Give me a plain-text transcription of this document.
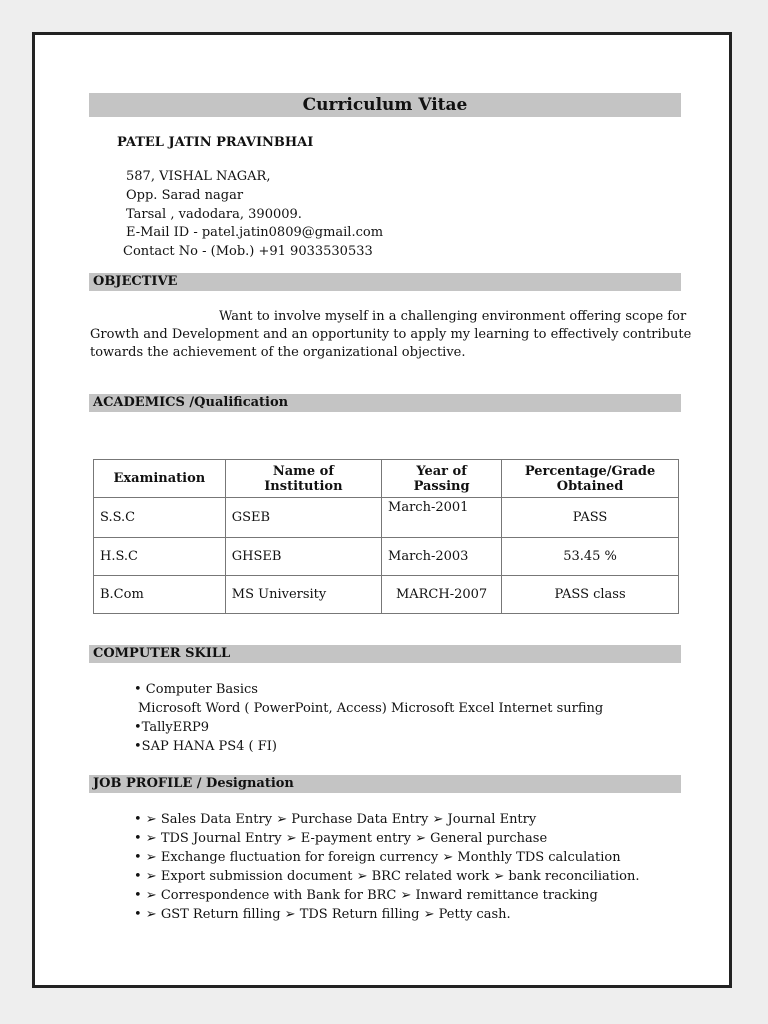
Curriculum Vitae
PATEL JATIN PRAVINBHAI
587, VISHAL NAGAR,
Opp. Sarad nagar
Tarsal , vadodara, 390009.
E-Mail ID - patel.jatin0809@gmail.com
Contact No - (Mob.) +91 9033530533
OBJECTIVE
Want to involve myself in a challenging environment offering scope for
Growth and Development and an opportunity to apply my learning to effectively contribute
towards the achievement of the organizational objective.
ACADEMICS /Qualification
Examination	Name of Institution	Year of Passing	Percentage/Grade Obtained
S.S.C	GSEB	March-2001	PASS
H.S.C	GHSEB	March-2003	53.45 %
B.Com	MS University	MARCH-2007	PASS class
COMPUTER SKILL
• Computer Basics
Microsoft Word ( PowerPoint, Access) Microsoft Excel Internet surfing
•TallyERP9
•SAP HANA PS4 ( FI)
JOB PROFILE / Designation
• ➢ Sales Data Entry ➢ Purchase Data Entry ➢ Journal Entry
• ➢ TDS Journal Entry ➢ E-payment entry ➢ General purchase
• ➢ Exchange fluctuation for foreign currency ➢ Monthly TDS calculation
• ➢ Export submission document ➢ BRC related work ➢ bank reconciliation.
• ➢ Correspondence with Bank for BRC ➢ Inward remittance tracking
• ➢ GST Return filling ➢ TDS Return filling ➢ Petty cash.
